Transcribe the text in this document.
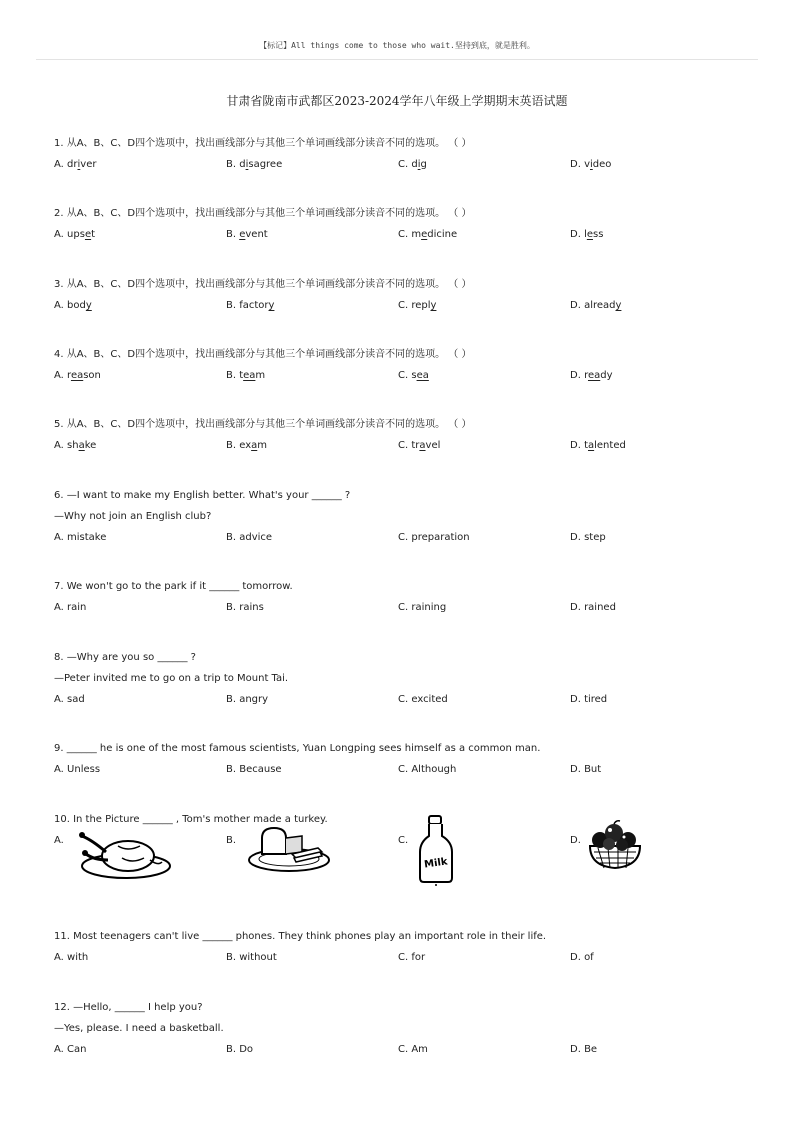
【标记】All things come to those who wait.坚持到底，就是胜利。
甘肃省陇南市武都区2023-2024学年八年级上学期期末英语试题
1. 从A、B、C、D四个选项中，找出画线部分与其他三个单词画线部分读音不同的选项。 （ ）
A. driver	B. disagree	C. dig	D. video
2. 从A、B、C、D四个选项中，找出画线部分与其他三个单词画线部分读音不同的选项。 （ ）
A. upset	B. event	C. medicine	D. less
3. 从A、B、C、D四个选项中，找出画线部分与其他三个单词画线部分读音不同的选项。 （ ）
A. body	B. factory	C. reply	D. already
4. 从A、B、C、D四个选项中，找出画线部分与其他三个单词画线部分读音不同的选项。 （ ）
A. reason	B. team	C. sea	D. ready
5. 从A、B、C、D四个选项中，找出画线部分与其他三个单词画线部分读音不同的选项。 （ ）
A. shake	B. exam	C. travel	D. talented
6. —I want to make my English better. What's your ______ ?
—Why not join an English club?
A. mistake	B. advice	C. preparation	D. step
7. We won't go to the park if it ______ tomorrow.
A. rain	B. rains	C. raining	D. rained
8. —Why are you so ______ ?
—Peter invited me to go on a trip to Mount Tai.
A. sad	B. angry	C. excited	D. tired
9. ______ he is one of the most famous scientists, Yuan Longping sees himself as a common man.
A. Unless	B. Because	C. Although	D. But
10. In the Picture ______ , Tom's mother made a turkey.
A.	B.	C.
Milk
D.
11. Most teenagers can't live ______ phones. They think phones play an important role in their life.
A. with	B. without	C. for	D. of
12. —Hello, ______ I help you?
—Yes, please. I need a basketball.
A. Can	B. Do	C. Am	D. Be
